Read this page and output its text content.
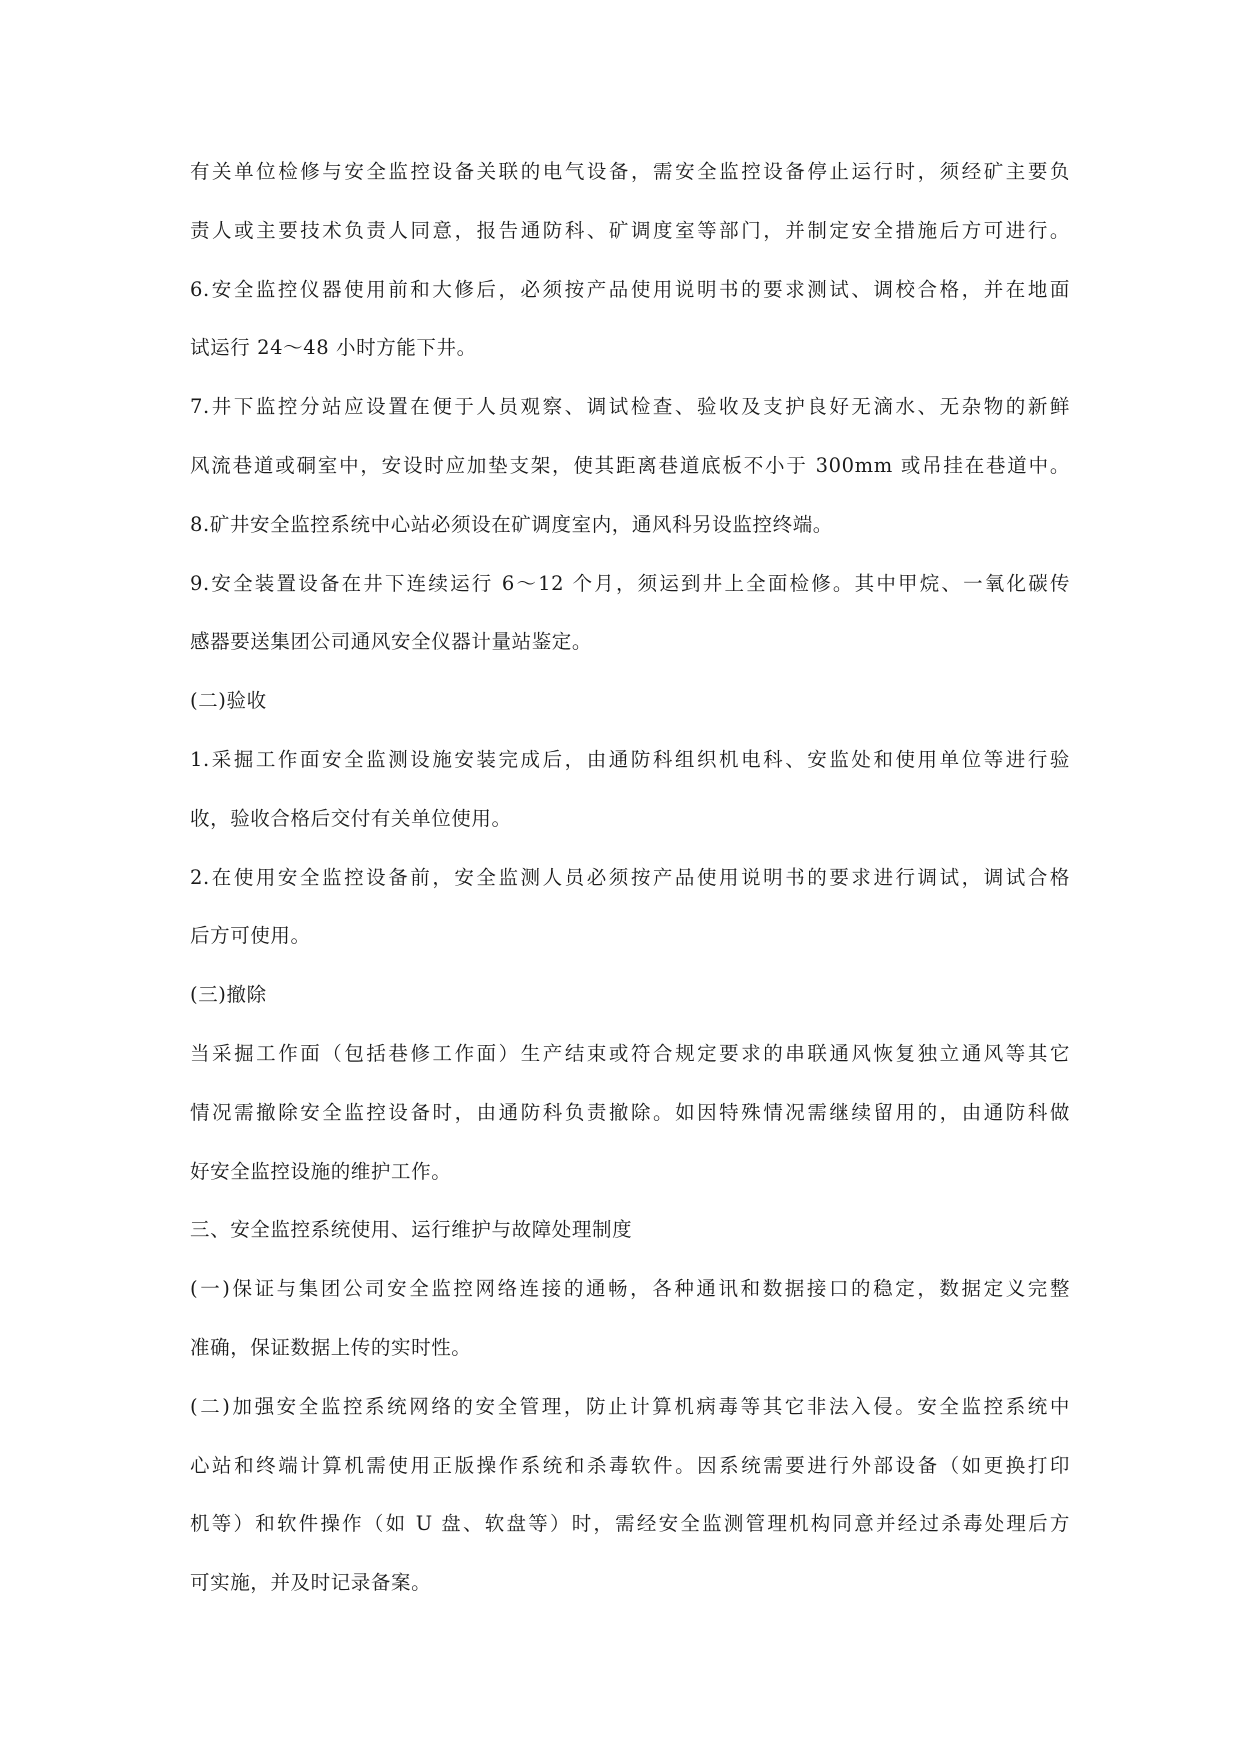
有关单位检修与安全监控设备关联的电气设备，需安全监控设备停止运行时，须经矿主要负
责人或主要技术负责人同意，报告通防科、矿调度室等部门，并制定安全措施后方可进行。
6.安全监控仪器使用前和大修后，必须按产品使用说明书的要求测试、调校合格，并在地面
试运行 24～48 小时方能下井。
7.井下监控分站应设置在便于人员观察、调试检查、验收及支护良好无滴水、无杂物的新鲜
风流巷道或硐室中，安设时应加垫支架，使其距离巷道底板不小于 300mm 或吊挂在巷道中。
8.矿井安全监控系统中心站必须设在矿调度室内，通风科另设监控终端。
9.安全装置设备在井下连续运行 6～12 个月，须运到井上全面检修。其中甲烷、一氧化碳传
感器要送集团公司通风安全仪器计量站鉴定。
(二)验收
1.采掘工作面安全监测设施安装完成后，由通防科组织机电科、安监处和使用单位等进行验
收，验收合格后交付有关单位使用。
2.在使用安全监控设备前，安全监测人员必须按产品使用说明书的要求进行调试，调试合格
后方可使用。
(三)撤除
当采掘工作面（包括巷修工作面）生产结束或符合规定要求的串联通风恢复独立通风等其它
情况需撤除安全监控设备时，由通防科负责撤除。如因特殊情况需继续留用的，由通防科做
好安全监控设施的维护工作。
三、安全监控系统使用、运行维护与故障处理制度
(一)保证与集团公司安全监控网络连接的通畅，各种通讯和数据接口的稳定，数据定义完整
准确，保证数据上传的实时性。
(二)加强安全监控系统网络的安全管理，防止计算机病毒等其它非法入侵。安全监控系统中
心站和终端计算机需使用正版操作系统和杀毒软件。因系统需要进行外部设备（如更换打印
机等）和软件操作（如 U 盘、软盘等）时，需经安全监测管理机构同意并经过杀毒处理后方
可实施，并及时记录备案。
